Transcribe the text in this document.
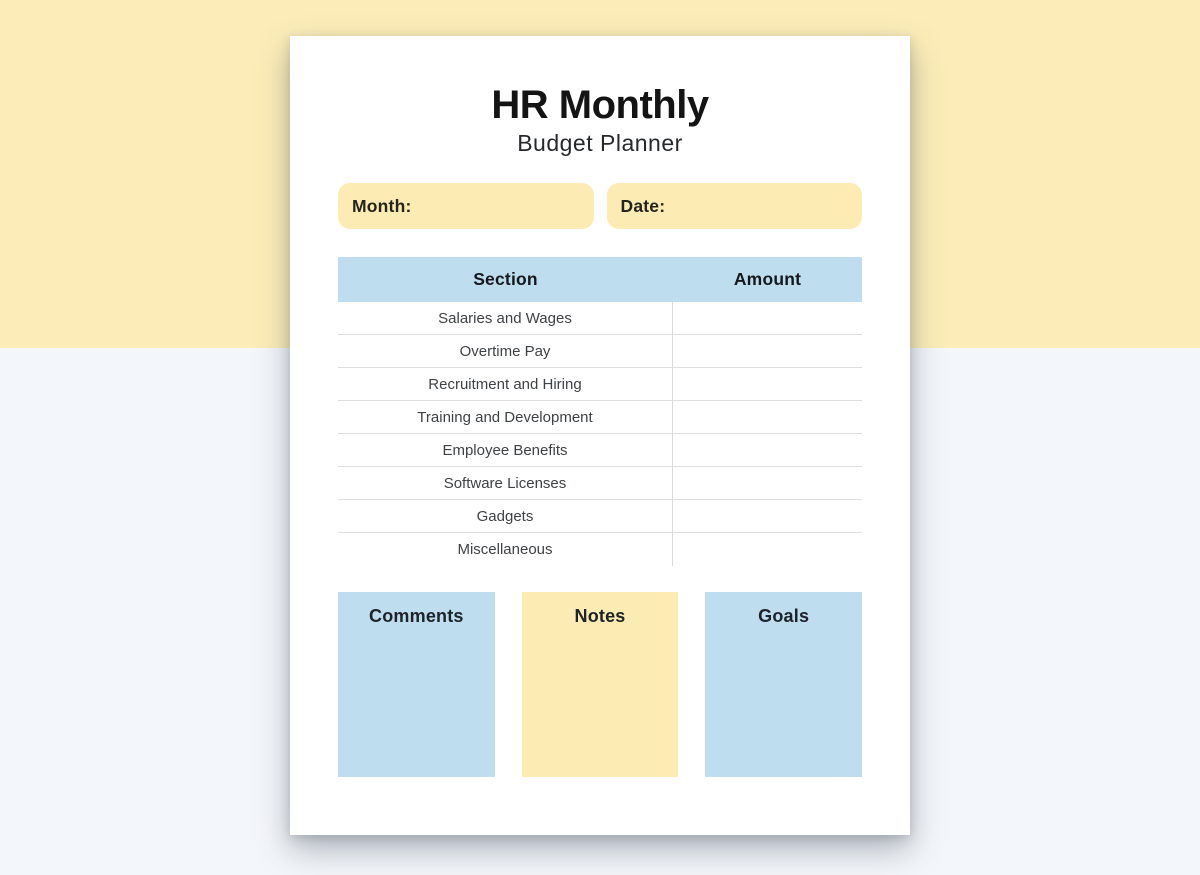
HR Monthly
Budget Planner
Month:	Date:
Section	Amount
Salaries and Wages
Overtime Pay
Recruitment and Hiring
Training and Development
Employee Benefits
Software Licenses
Gadgets
Miscellaneous
Comments	Notes	Goals
